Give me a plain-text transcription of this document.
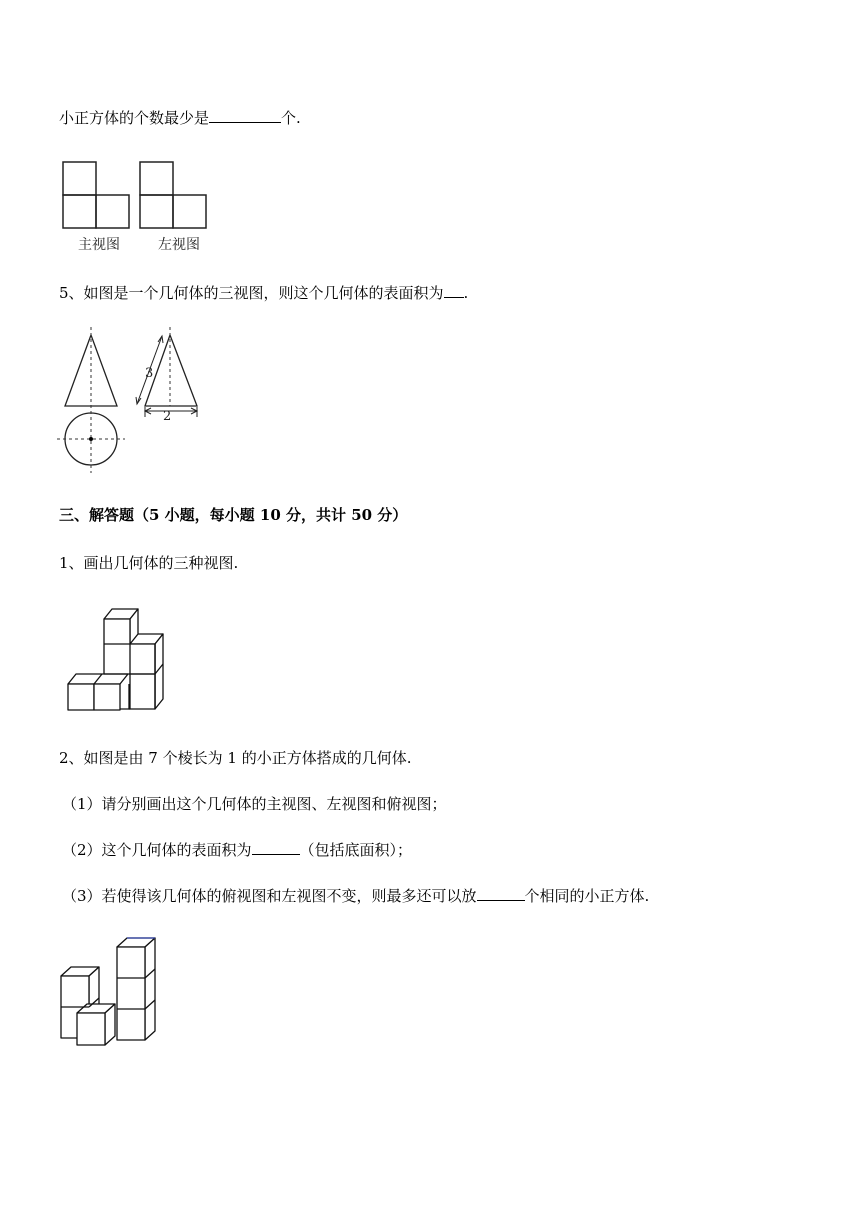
小正方体的个数最少是	个.
主视图	左视图
5、如图是一个几何体的三视图，则这个几何体的表面积为 .
3
2
三、解答题（5 小题，每小题 10 分，共计 50 分）
1、画出几何体的三种视图.
2、如图是由 7 个棱长为 1 的小正方体搭成的几何体.
（1）请分别画出这个几何体的主视图、左视图和俯视图；
（2）这个几何体的表面积为	（包括底面积）；
（3）若使得该几何体的俯视图和左视图不变，则最多还可以放	个相同的小正方体.
